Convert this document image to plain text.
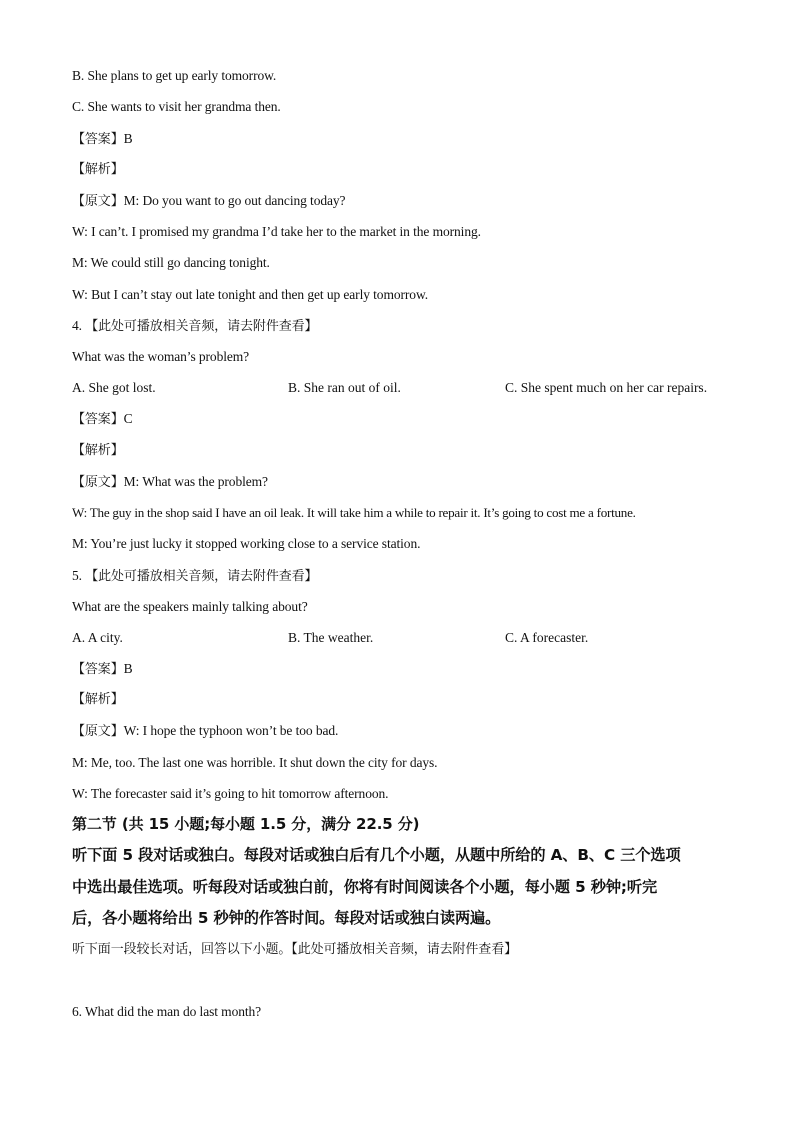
B. She plans to get up early tomorrow.
C. She wants to visit her grandma then.
【答案】B
【解析】
【原文】M: Do you want to go out dancing today?
W: I can’t. I promised my grandma I’d take her to the market in the morning.
M: We could still go dancing tonight.
W: But I can’t stay out late tonight and then get up early tomorrow.
4. 【此处可播放相关音频，请去附件查看】
What was the woman’s problem?
A. She got lost.	B. She ran out of oil.	C. She spent much on her car repairs.
【答案】C
【解析】
【原文】M: What was the problem?
W: The guy in the shop said I have an oil leak. It will take him a while to repair it. It’s going to cost me a fortune.
M: You’re just lucky it stopped working close to a service station.
5. 【此处可播放相关音频，请去附件查看】
What are the speakers mainly talking about?
A. A city.	B. The weather.	C. A forecaster.
【答案】B
【解析】
【原文】W: I hope the typhoon won’t be too bad.
M: Me, too. The last one was horrible. It shut down the city for days.
W: The forecaster said it’s going to hit tomorrow afternoon.
第二节 (共 15 小题;每小题 1.5 分，满分 22.5 分)
听下面 5 段对话或独白。每段对话或独白后有几个小题，从题中所给的 A、B、C 三个选项
中选出最佳选项。听每段对话或独白前，你将有时间阅读各个小题，每小题 5 秒钟;听完
后，各小题将给出 5 秒钟的作答时间。每段对话或独白读两遍。
听下面一段较长对话，回答以下小题。【此处可播放相关音频，请去附件查看】
6. What did the man do last month?
